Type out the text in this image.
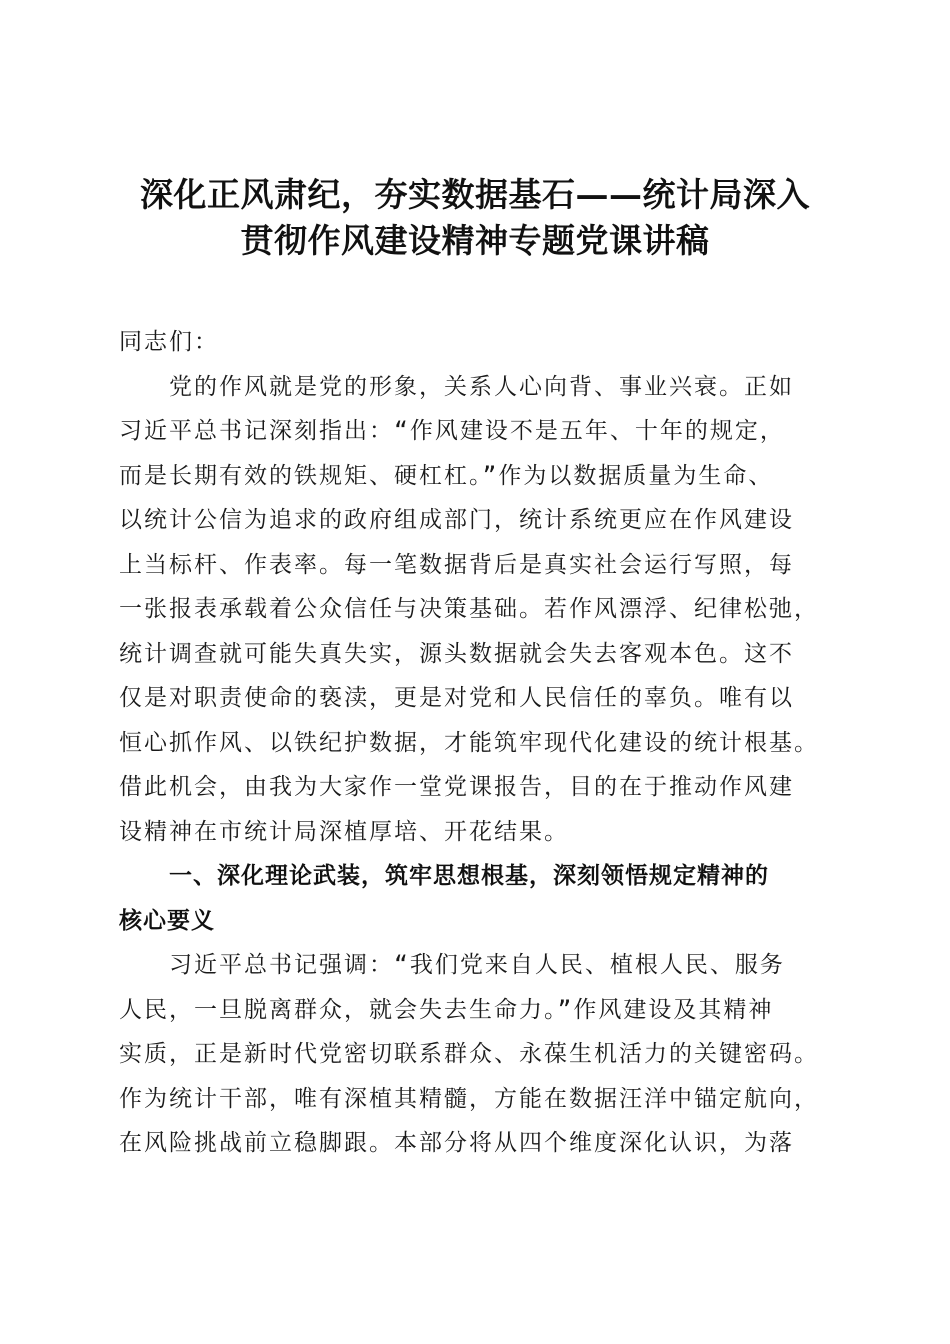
深化正风肃纪，夯实数据基石——统计局深入
贯彻作风建设精神专题党课讲稿
同志们：
党的作风就是党的形象，关系人心向背、事业兴衰。正如
习近平总书记深刻指出：“作风建设不是五年、十年的规定，
而是长期有效的铁规矩、硬杠杠。”作为以数据质量为生命、
以统计公信为追求的政府组成部门，统计系统更应在作风建设
上当标杆、作表率。每一笔数据背后是真实社会运行写照，每
一张报表承载着公众信任与决策基础。若作风漂浮、纪律松弛，
统计调查就可能失真失实，源头数据就会失去客观本色。这不
仅是对职责使命的亵渎，更是对党和人民信任的辜负。唯有以
恒心抓作风、以铁纪护数据，才能筑牢现代化建设的统计根基。
借此机会，由我为大家作一堂党课报告，目的在于推动作风建
设精神在市统计局深植厚培、开花结果。
一、深化理论武装，筑牢思想根基，深刻领悟规定精神的
核心要义
习近平总书记强调：“我们党来自人民、植根人民、服务
人民，一旦脱离群众，就会失去生命力。”作风建设及其精神
实质，正是新时代党密切联系群众、永葆生机活力的关键密码。
作为统计干部，唯有深植其精髓，方能在数据汪洋中锚定航向，
在风险挑战前立稳脚跟。本部分将从四个维度深化认识，为落
